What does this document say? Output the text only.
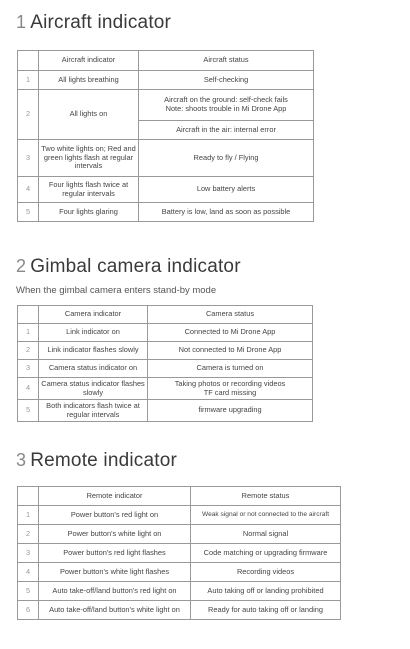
1 Aircraft indicator
	Aircraft indicator	Aircraft status
1	All lights breathing	Self-checking
2	All lights on	Aircraft on the ground: self-check fails
Note: shoots trouble in Mi Drone App
		Aircraft in the air: internal error
3	Two white lights on; Red and green lights flash at regular intervals	Ready to fly / Flying
4	Four lights flash twice at regular intervals	Low battery alerts
5	Four lights glaring	Battery is low, land as soon as possible
2 Gimbal camera indicator
When the gimbal camera enters stand-by mode
	Camera indicator	Camera status
1	Link indicator on	Connected to Mi Drone App
2	Link indicator flashes slowly	Not connected to Mi Drone App
3	Camera status indicator on	Camera is turned on
4	Camera status indicator flashes slowly	Taking photos or recording videos
TF card missing
5	Both indicators flash twice at regular intervals	firmware upgrading
3 Remote indicator
	Remote indicator	Remote status
1	Power button's red light on	Weak signal or not connected to the aircraft
2	Power button's white light on	Normal signal
3	Power button's red light flashes	Code matching or upgrading firmware
4	Power button's white light flashes	Recording videos
5	Auto take-off/land button's red light on	Auto taking off or landing prohibited
6	Auto take-off/land button's white light on	Ready for auto taking off or landing
